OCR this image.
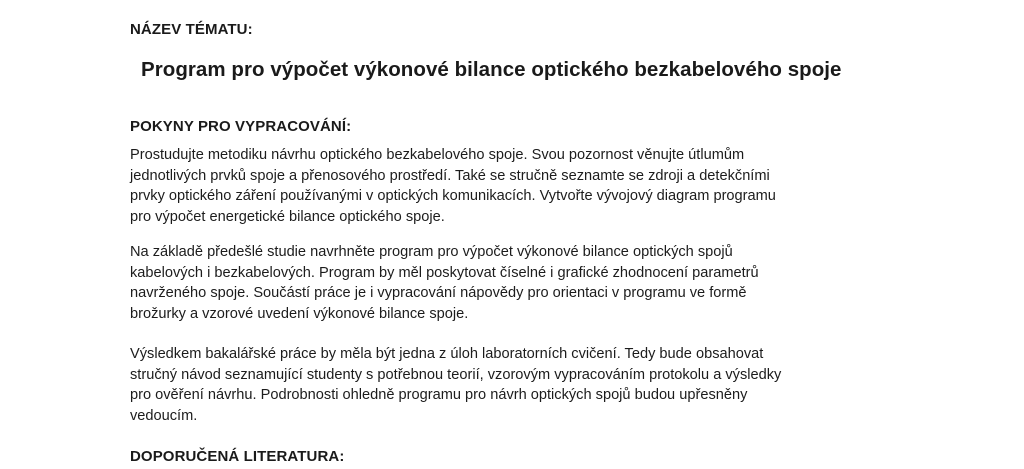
NÁZEV TÉMATU:
Program pro výpočet výkonové bilance optického bezkabelového spoje
POKYNY PRO VYPRACOVÁNÍ:

Prostudujte metodiku návrhu optického bezkabelového spoje. Svou pozornost věnujte útlumům
jednotlivých prvků spoje a přenosového prostředí. Také se stručně seznamte se zdroji a detekčními
prvky optického záření používanými v optických komunikacích. Vytvořte vývojový diagram programu
pro výpočet energetické bilance optického spoje.

Na základě předešlé studie navrhněte program pro výpočet výkonové bilance optických spojů
kabelových i bezkabelových. Program by měl poskytovat číselné i grafické zhodnocení parametrů
navrženého spoje. Součástí práce je i vypracování nápovědy pro orientaci v programu ve formě
brožurky a vzorové uvedení výkonové bilance spoje.

Výsledkem bakalářské práce by měla být jedna z úloh laboratorních cvičení. Tedy bude obsahovat
stručný návod seznamující studenty s potřebnou teorií, vzorovým vypracováním protokolu a výsledky
pro ověření návrhu. Podrobnosti ohledně programu pro návrh optických spojů budou upřesněny
vedoucím.

DOPORUČENÁ LITERATURA:
